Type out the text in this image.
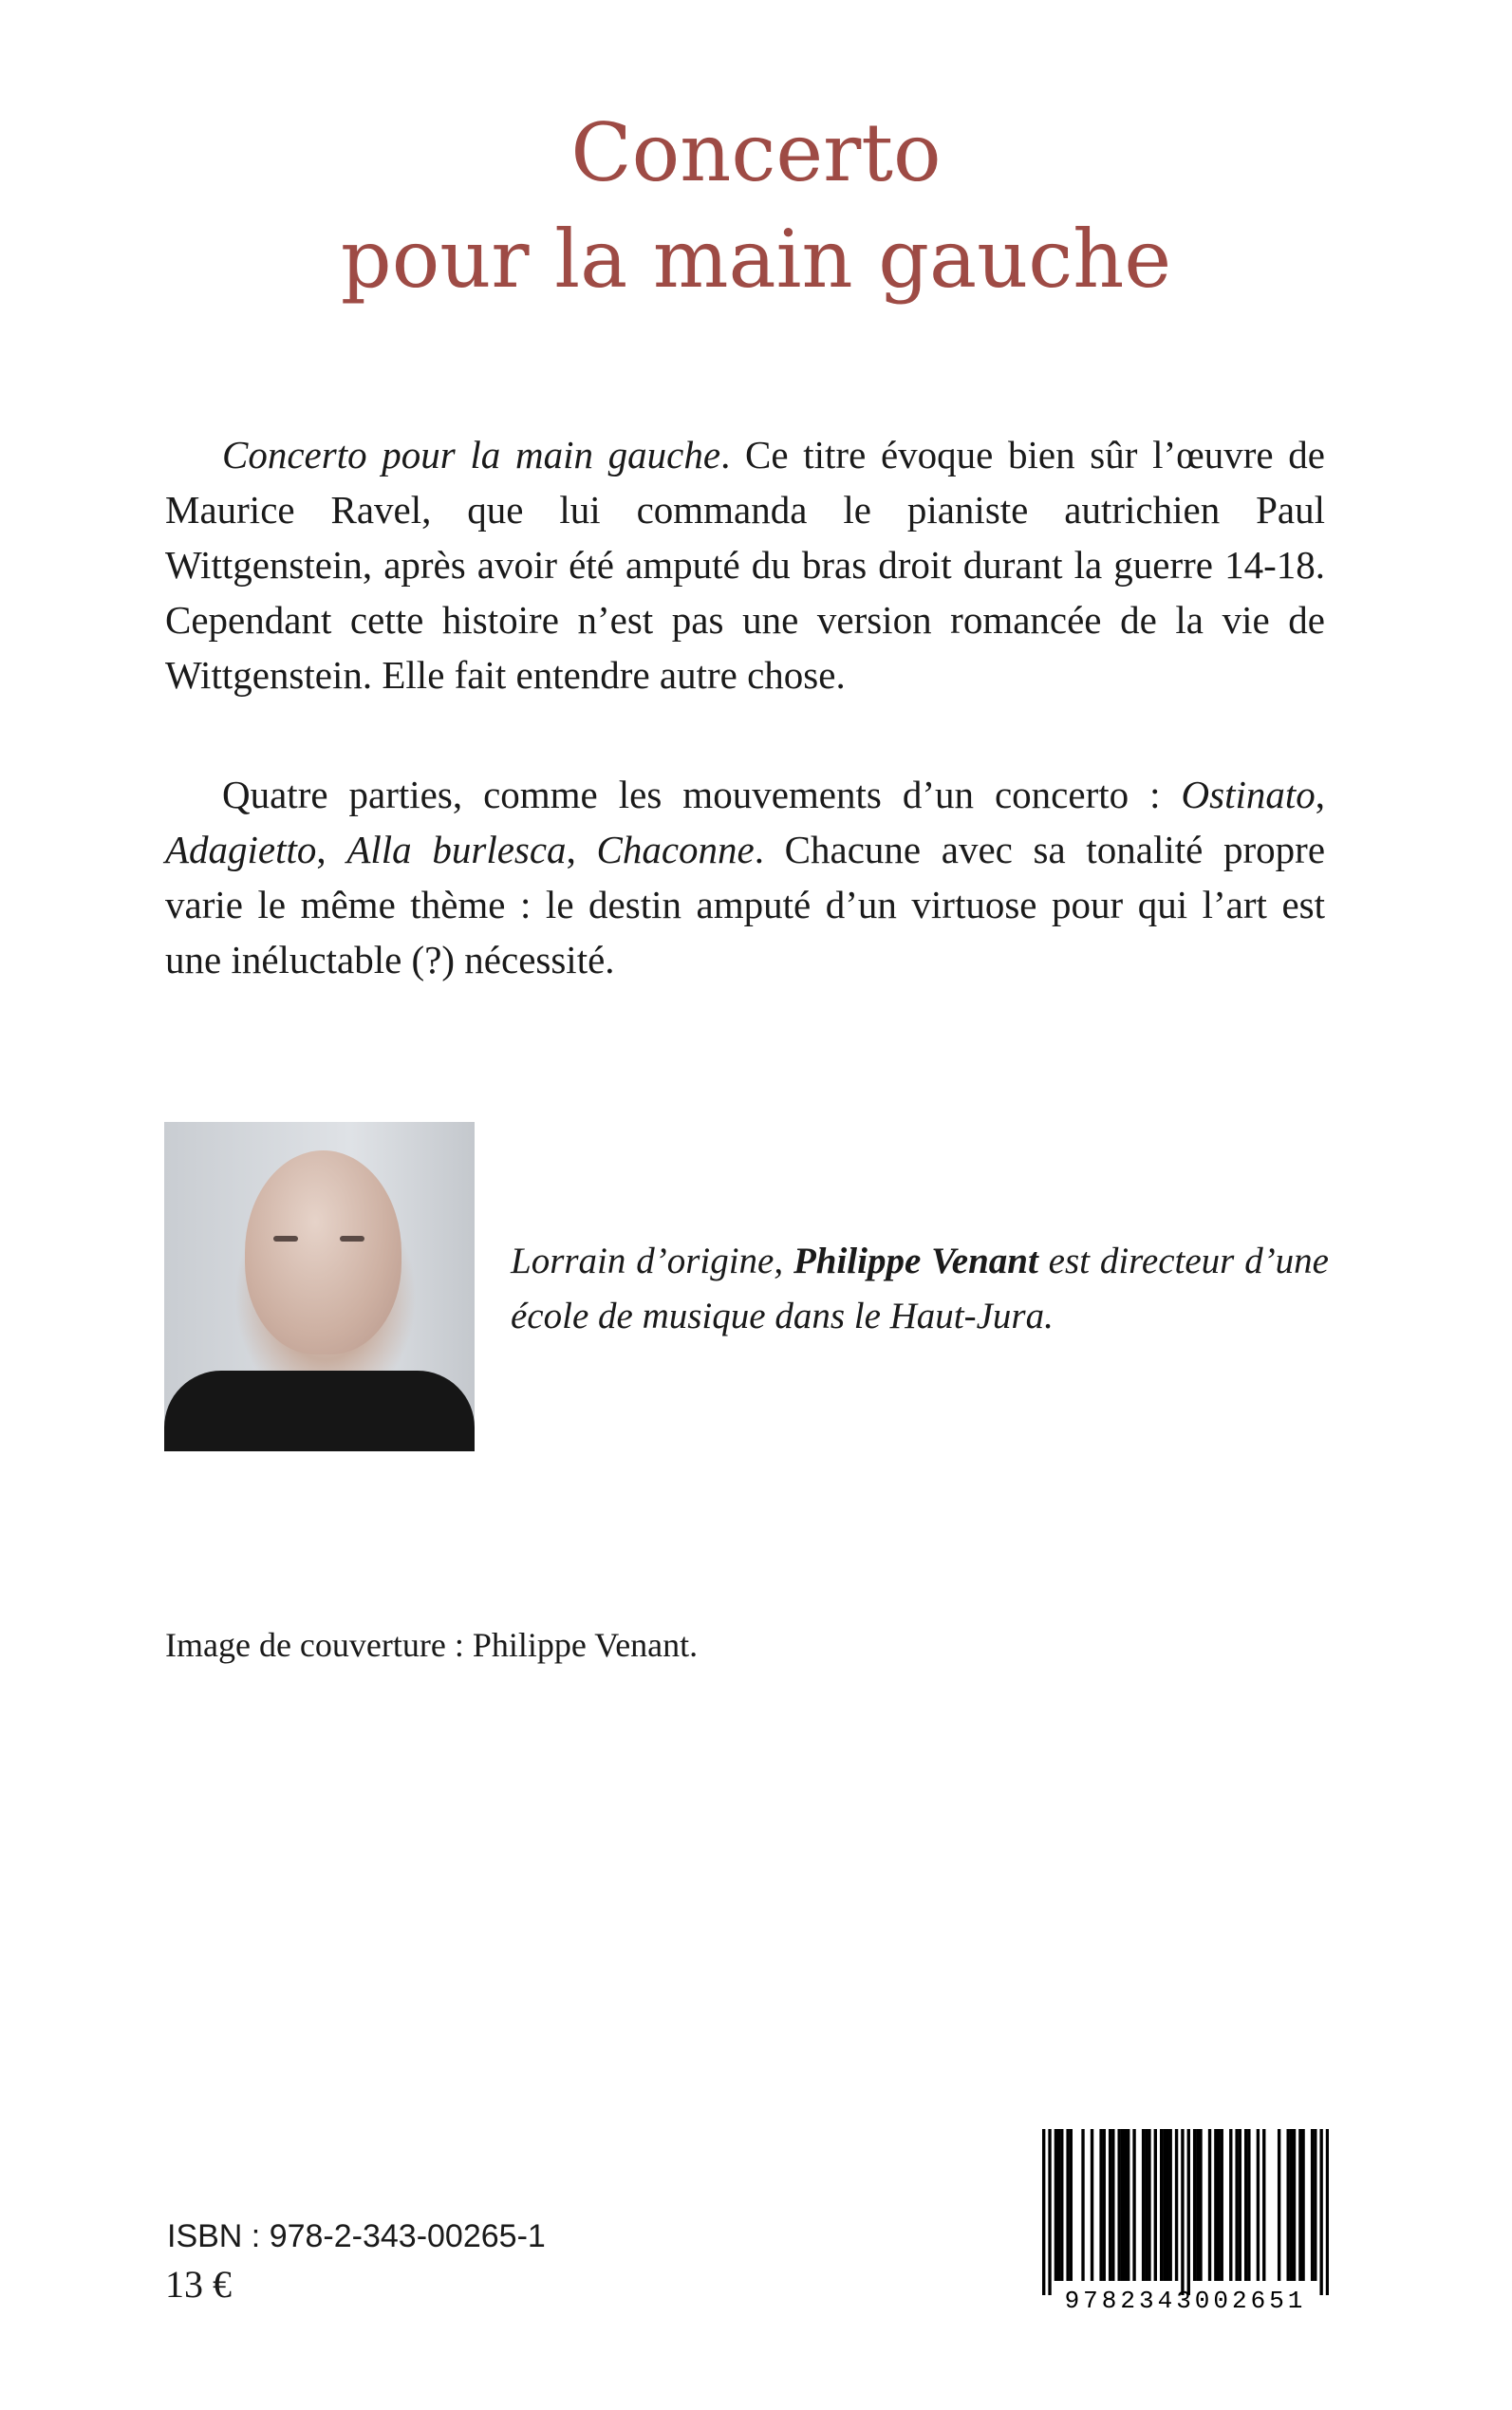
Concerto
pour la main gauche

Concerto pour la main gauche. Ce titre évoque bien sûr l’œuvre de Maurice Ravel, que lui commanda le pianiste autrichien Paul Wittgenstein, après avoir été amputé du bras droit durant la guerre 14-18. Cependant cette histoire n’est pas une version romancée de la vie de Wittgenstein. Elle fait entendre autre chose.

Quatre parties, comme les mouvements d’un concerto : Ostinato, Adagietto, Alla burlesca, Chaconne. Chacune avec sa tonalité propre varie le même thème : le destin amputé d’un virtuose pour qui l’art est une inéluctable (?) nécessité.

Lorrain d’origine, Philippe Venant est directeur d’une école de musique dans le Haut-Jura.

Image de couverture : Philippe Venant.

ISBN : 978-2-343-00265-1

13 €	9782343002651
